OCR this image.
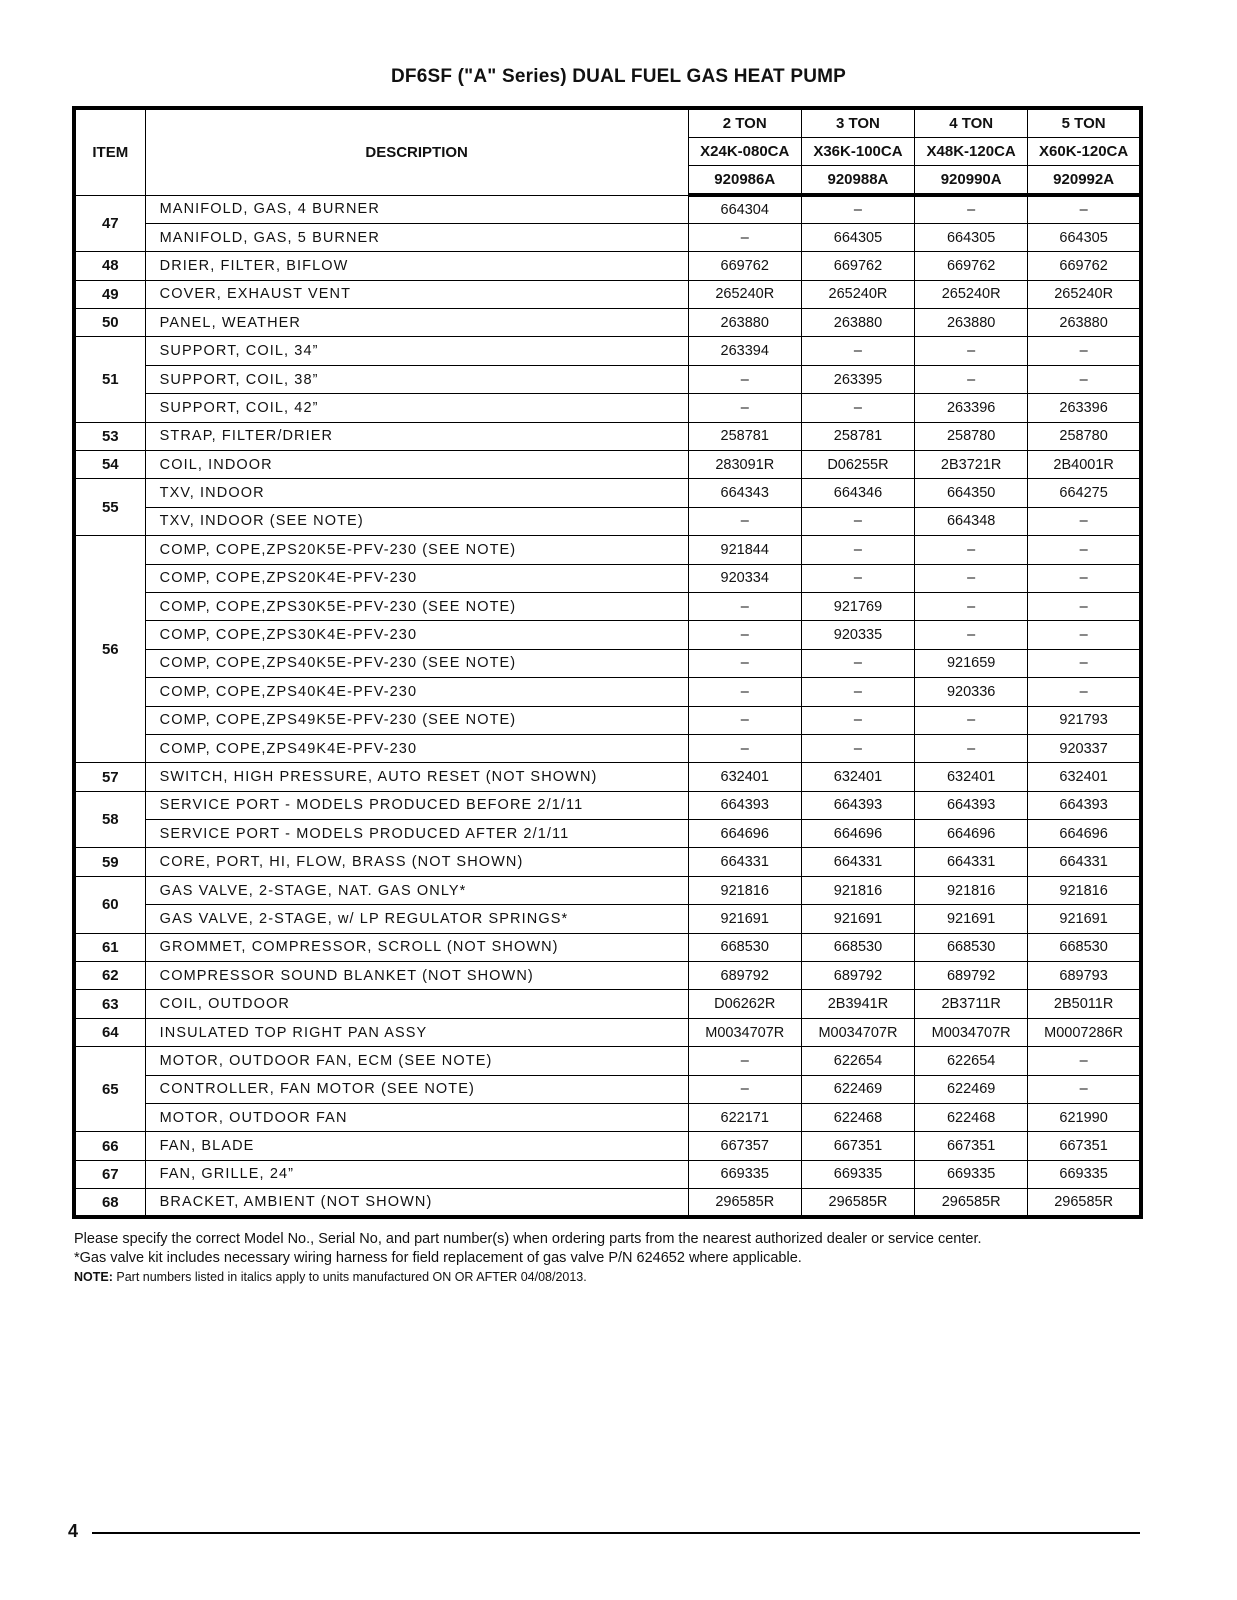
DF6SF ("A" Series) DUAL FUEL GAS HEAT PUMP
ITEM	DESCRIPTION	2 TON	3 TON	4 TON	5 TON
		X24K-080CA	X36K-100CA	X48K-120CA	X60K-120CA
		920986A	920988A	920990A	920992A
47	MANIFOLD, GAS, 4 BURNER	664304	–	–	–
	MANIFOLD, GAS, 5 BURNER	–	664305	664305	664305
48	DRIER, FILTER, BIFLOW	669762	669762	669762	669762
49	COVER, EXHAUST VENT	265240R	265240R	265240R	265240R
50	PANEL, WEATHER	263880	263880	263880	263880
51	SUPPORT, COIL, 34”	263394	–	–	–
	SUPPORT, COIL, 38”	–	263395	–	–
	SUPPORT, COIL, 42”	–	–	263396	263396
53	STRAP, FILTER/DRIER	258781	258781	258780	258780
54	COIL, INDOOR	283091R	D06255R	2B3721R	2B4001R
55	TXV, INDOOR	664343	664346	664350	664275
	TXV, INDOOR (SEE NOTE)	–	–	664348	–
56	COMP, COPE,ZPS20K5E-PFV-230 (SEE NOTE)	921844	–	–	–
	COMP, COPE,ZPS20K4E-PFV-230	920334	–	–	–
	COMP, COPE,ZPS30K5E-PFV-230 (SEE NOTE)	–	921769	–	–
	COMP, COPE,ZPS30K4E-PFV-230	–	920335	–	–
	COMP, COPE,ZPS40K5E-PFV-230 (SEE NOTE)	–	–	921659	–
	COMP, COPE,ZPS40K4E-PFV-230	–	–	920336	–
	COMP, COPE,ZPS49K5E-PFV-230 (SEE NOTE)	–	–	–	921793
	COMP, COPE,ZPS49K4E-PFV-230	–	–	–	920337
57	SWITCH, HIGH PRESSURE, AUTO RESET (NOT SHOWN)	632401	632401	632401	632401
58	SERVICE PORT - MODELS PRODUCED BEFORE 2/1/11	664393	664393	664393	664393
	SERVICE PORT - MODELS PRODUCED AFTER 2/1/11	664696	664696	664696	664696
59	CORE, PORT, HI, FLOW, BRASS (NOT SHOWN)	664331	664331	664331	664331
60	GAS VALVE, 2-STAGE, NAT. GAS ONLY*	921816	921816	921816	921816
	GAS VALVE, 2-STAGE, w/ LP REGULATOR SPRINGS*	921691	921691	921691	921691
61	GROMMET, COMPRESSOR, SCROLL (NOT SHOWN)	668530	668530	668530	668530
62	COMPRESSOR SOUND BLANKET (NOT SHOWN)	689792	689792	689792	689793
63	COIL, OUTDOOR	D06262R	2B3941R	2B3711R	2B5011R
64	INSULATED TOP RIGHT PAN ASSY	M0034707R	M0034707R	M0034707R	M0007286R
65	MOTOR, OUTDOOR FAN, ECM (SEE NOTE)	–	622654	622654	–
	CONTROLLER, FAN MOTOR (SEE NOTE)	–	622469	622469	–
	MOTOR, OUTDOOR FAN	622171	622468	622468	621990
66	FAN, BLADE	667357	667351	667351	667351
67	FAN, GRILLE, 24”	669335	669335	669335	669335
68	BRACKET, AMBIENT (NOT SHOWN)	296585R	296585R	296585R	296585R
Please specify the correct Model No., Serial No, and part number(s) when ordering parts from the nearest authorized dealer or service center.
*Gas valve kit includes necessary wiring harness for field replacement of gas valve P/N 624652 where applicable.
NOTE: Part numbers listed in italics apply to units manufactured ON OR AFTER 04/08/2013.
4
